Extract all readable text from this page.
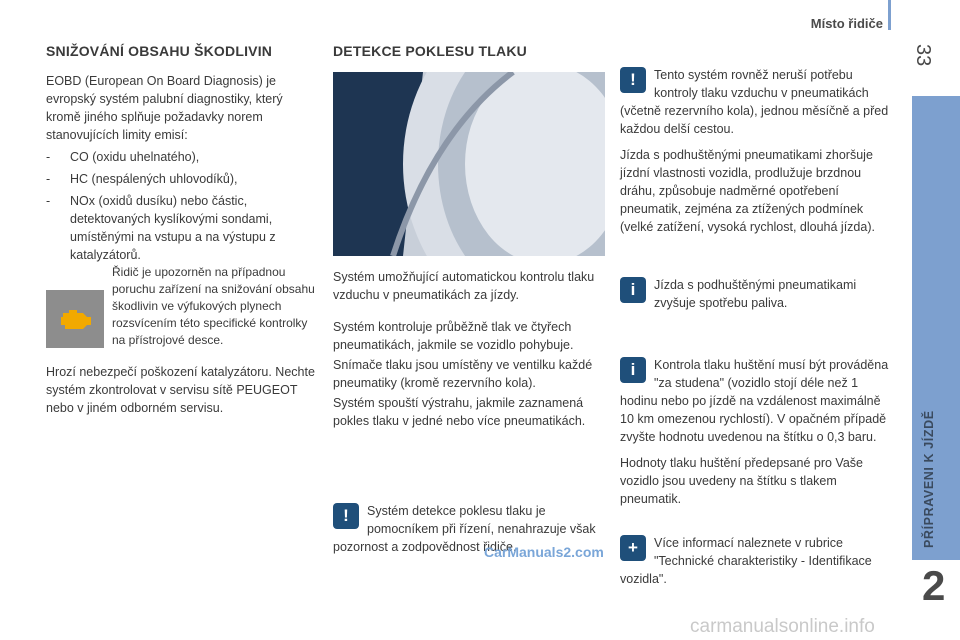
Místo řidiče
33
PŘÍPRAVENI K JÍZDĚ
2
SNIŽOVÁNÍ OBSAHU ŠKODLIVIN

EOBD (European On Board Diagnosis) je evropský systém palubní diagnostiky, který kromě jiného splňuje požadavky norem stanovujících limity emisí:

-	CO (oxidu uhelnatého),
-	HC (nespálených uhlovodíků),
-	NOx (oxidů dusíku) nebo částic, detektovaných kyslíkovými sondami, umístěnými na vstupu a na výstupu z katalyzátorů.
Řidič je upozorněn na případnou poruchu zařízení na snižování obsahu škodlivin ve výfukových plynech rozsvícením této specifické kontrolky na přístrojové desce.

Hrozí nebezpečí poškození katalyzátoru. Nechte systém zkontrolovat v servisu sítě PEUGEOT nebo v jiném odborném servisu.

DETEKCE POKLESU TLAKU

Systém umožňující automatickou kontrolu tlaku vzduchu v pneumatikách za jízdy.

Systém kontroluje průběžně tlak ve čtyřech pneumatikách, jakmile se vozidlo pohybuje.

Snímače tlaku jsou umístěny ve ventilku každé pneumatiky (kromě rezervního kola).

Systém spouští výstrahu, jakmile zaznamená pokles tlaku v jedné nebo více pneumatikách.

!	Systém detekce poklesu tlaku je pomocníkem při řízení, nenahrazuje však pozornost a zodpovědnost řidiče.
!	Tento systém rovněž neruší potřebu kontroly tlaku vzduchu v pneumatikách (včetně rezervního kola), jednou měsíčně a před každou delší cestou.

Jízda s podhuštěnými pneumatikami zhoršuje jízdní vlastnosti vozidla, prodlužuje brzdnou dráhu, způsobuje nadměrné opotřebení pneumatik, zejména za ztížených podmínek (velké zatížení, vysoká rychlost, dlouhá jízda).

i	Jízda s podhuštěnými pneumatikami zvyšuje spotřebu paliva.
i	Kontrola tlaku huštění musí být prováděna "za studena" (vozidlo stojí déle než 1 hodinu nebo po jízdě na vzdálenost maximálně 10 km omezenou rychlostí). V opačném případě zvyšte hodnotu uvedenou na štítku o 0,3 baru.

Hodnoty tlaku huštění předepsané pro Vaše vozidlo jsou uvedeny na štítku s tlakem pneumatik.

+	Více informací naleznete v rubrice "Technické charakteristiky - Identifikace vozidla".
CarManuals2.com
carmanualsonline.info
